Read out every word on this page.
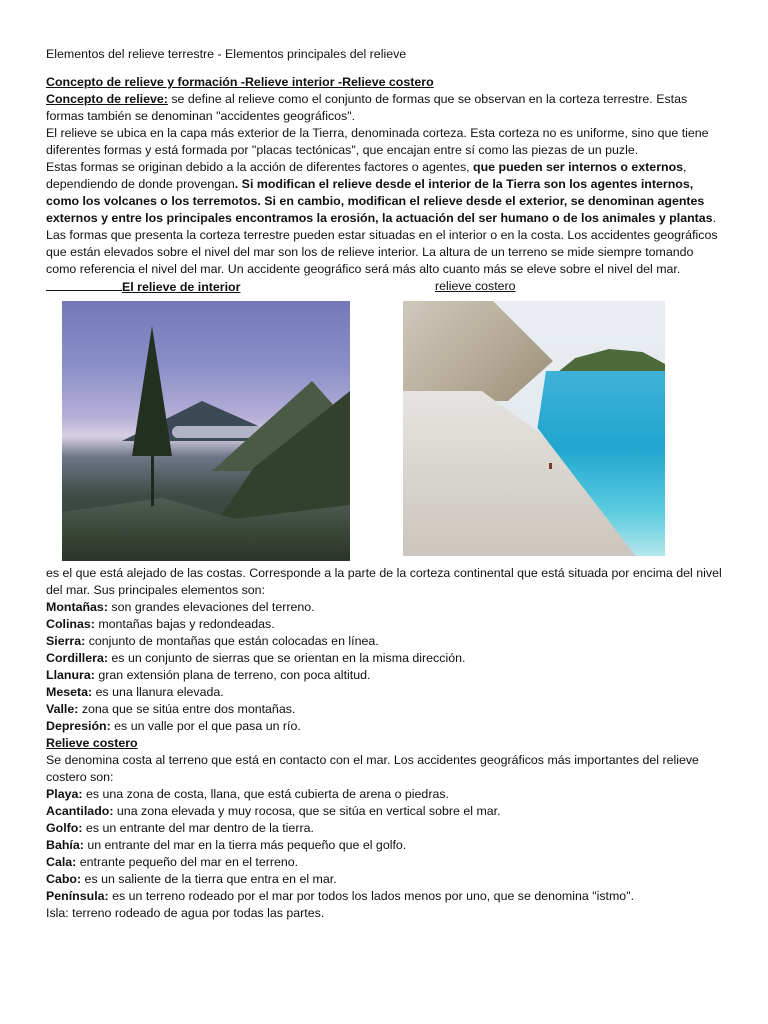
Elementos del relieve terrestre - Elementos principales del relieve

Concepto de relieve y formación -Relieve interior -Relieve costero

Concepto de relieve: se define al relieve como el conjunto de formas que se observan en la corteza terrestre. Estas formas también se denominan "accidentes geográficos".

El relieve se ubica en la capa más exterior de la Tierra, denominada corteza. Esta corteza no es uniforme, sino que tiene diferentes formas y está formada por "placas tectónicas", que encajan entre sí como las piezas de un puzle.

Estas formas se originan debido a la acción de diferentes factores o agentes, que pueden ser internos o externos, dependiendo de donde provengan. Si modifican el relieve desde el interior de la Tierra son los agentes internos, como los volcanes o los terremotos. Si en cambio, modifican el relieve desde el exterior, se denominan agentes externos y entre los principales encontramos la erosión, la actuación del ser humano o de los animales y plantas.

Las formas que presenta la corteza terrestre pueden estar situadas en el interior o en la costa. Los accidentes geográficos que están elevados sobre el nivel del mar son los de relieve interior. La altura de un terreno se mide siempre tomando como referencia el nivel del mar. Un accidente geográfico será más alto cuanto más se eleve sobre el nivel del mar.

El relieve de interior	relieve costero

es el que está alejado de las costas. Corresponde a la parte de la corteza continental que está situada por encima del nivel del mar. Sus principales elementos son:

Montañas: son grandes elevaciones del terreno.

Colinas: montañas bajas y redondeadas.

Sierra: conjunto de montañas que están colocadas en línea.

Cordillera: es un conjunto de sierras que se orientan en la misma dirección.

Llanura: gran extensión plana de terreno, con poca altitud.

Meseta: es una llanura elevada.

Valle: zona que se sitúa entre dos montañas.

Depresión: es un valle por el que pasa un río.

Relieve costero

Se denomina costa al terreno que está en contacto con el mar. Los accidentes geográficos más importantes del relieve costero son:

Playa: es una zona de costa, llana, que está cubierta de arena o piedras.

Acantilado: una zona elevada y muy rocosa, que se sitúa en vertical sobre el mar.

Golfo: es un entrante del mar dentro de la tierra.

Bahía: un entrante del mar en la tierra más pequeño que el golfo.

Cala: entrante pequeño del mar en el terreno.

Cabo: es un saliente de la tierra que entra en el mar.

Península: es un terreno rodeado por el mar por todos los lados menos por uno, que se denomina "istmo".

Isla: terreno rodeado de agua por todas las partes.
